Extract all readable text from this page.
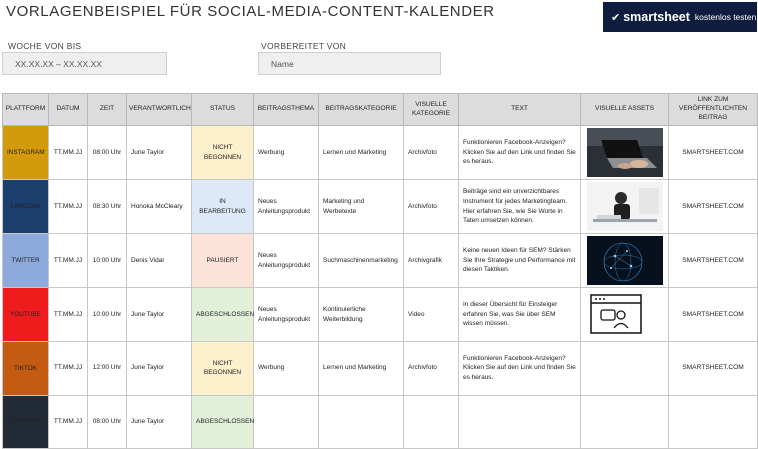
VORLAGENBEISPIEL FÜR SOCIAL-MEDIA-CONTENT-KALENDER	✔ smartsheet kostenlos testen
WOCHE VON BIS
XX.XX.XX – XX.XX.XX
VORBEREITET VON
Name
PLATTFORM	DATUM	ZEIT	VERANTWORTLICH	STATUS	BEITRAGSTHEMA	BEITRAGSKATEGORIE	VISUELLE KATEGORIE	TEXT	VISUELLE ASSETS	LINK ZUM VERÖFFENTLICHTEN BEITRAG
INSTAGRAM	TT.MM.JJ	08:00 Uhr	June Taylor	NICHT BEGONNEN	Werbung	Lernen und Marketing	Archivfoto	Funktionieren Facebook-Anzeigen? Klicken Sie auf den Link und finden Sie es heraus.		SMARTSHEET.COM
LINKEDIN	TT.MM.JJ	08:30 Uhr	Honoka McCleary	IN BEARBEITUNG	Neues Anleitungsprodukt	Marketing und Werbetexte	Archivfoto	Beiträge sind ein unverzichtbares Instrument für jedes Marketingteam. Hier erfahren Sie, wie Sie Worte in Taten umsetzen können.		SMARTSHEET.COM
TWITTER	TT.MM.JJ	10:00 Uhr	Denis Vidal	PAUSIERT	Neues Anleitungsprodukt	Suchmaschinenmarketing	Archivgrafik	Keine neuen Ideen für SEM? Stärken Sie Ihre Strategie und Performance mit diesen Taktiken.		SMARTSHEET.COM
YOUTUBE	TT.MM.JJ	10:00 Uhr	June Taylor	ABGESCHLOSSEN	Neues Anleitungsprodukt	Kontinuierliche Weiterbildung	Video	In dieser Übersicht für Einsteiger erfahren Sie, was Sie über SEM wissen müssen.		SMARTSHEET.COM
TIKTOK	TT.MM.JJ	12:00 Uhr	June Taylor	NICHT BEGONNEN	Werbung	Lernen und Marketing	Archivfoto	Funktionieren Facebook-Anzeigen? Klicken Sie auf den Link und finden Sie es heraus.		SMARTSHEET.COM
SONSTIGE	TT.MM.JJ	08:00 Uhr	June Taylor	ABGESCHLOSSEN						
